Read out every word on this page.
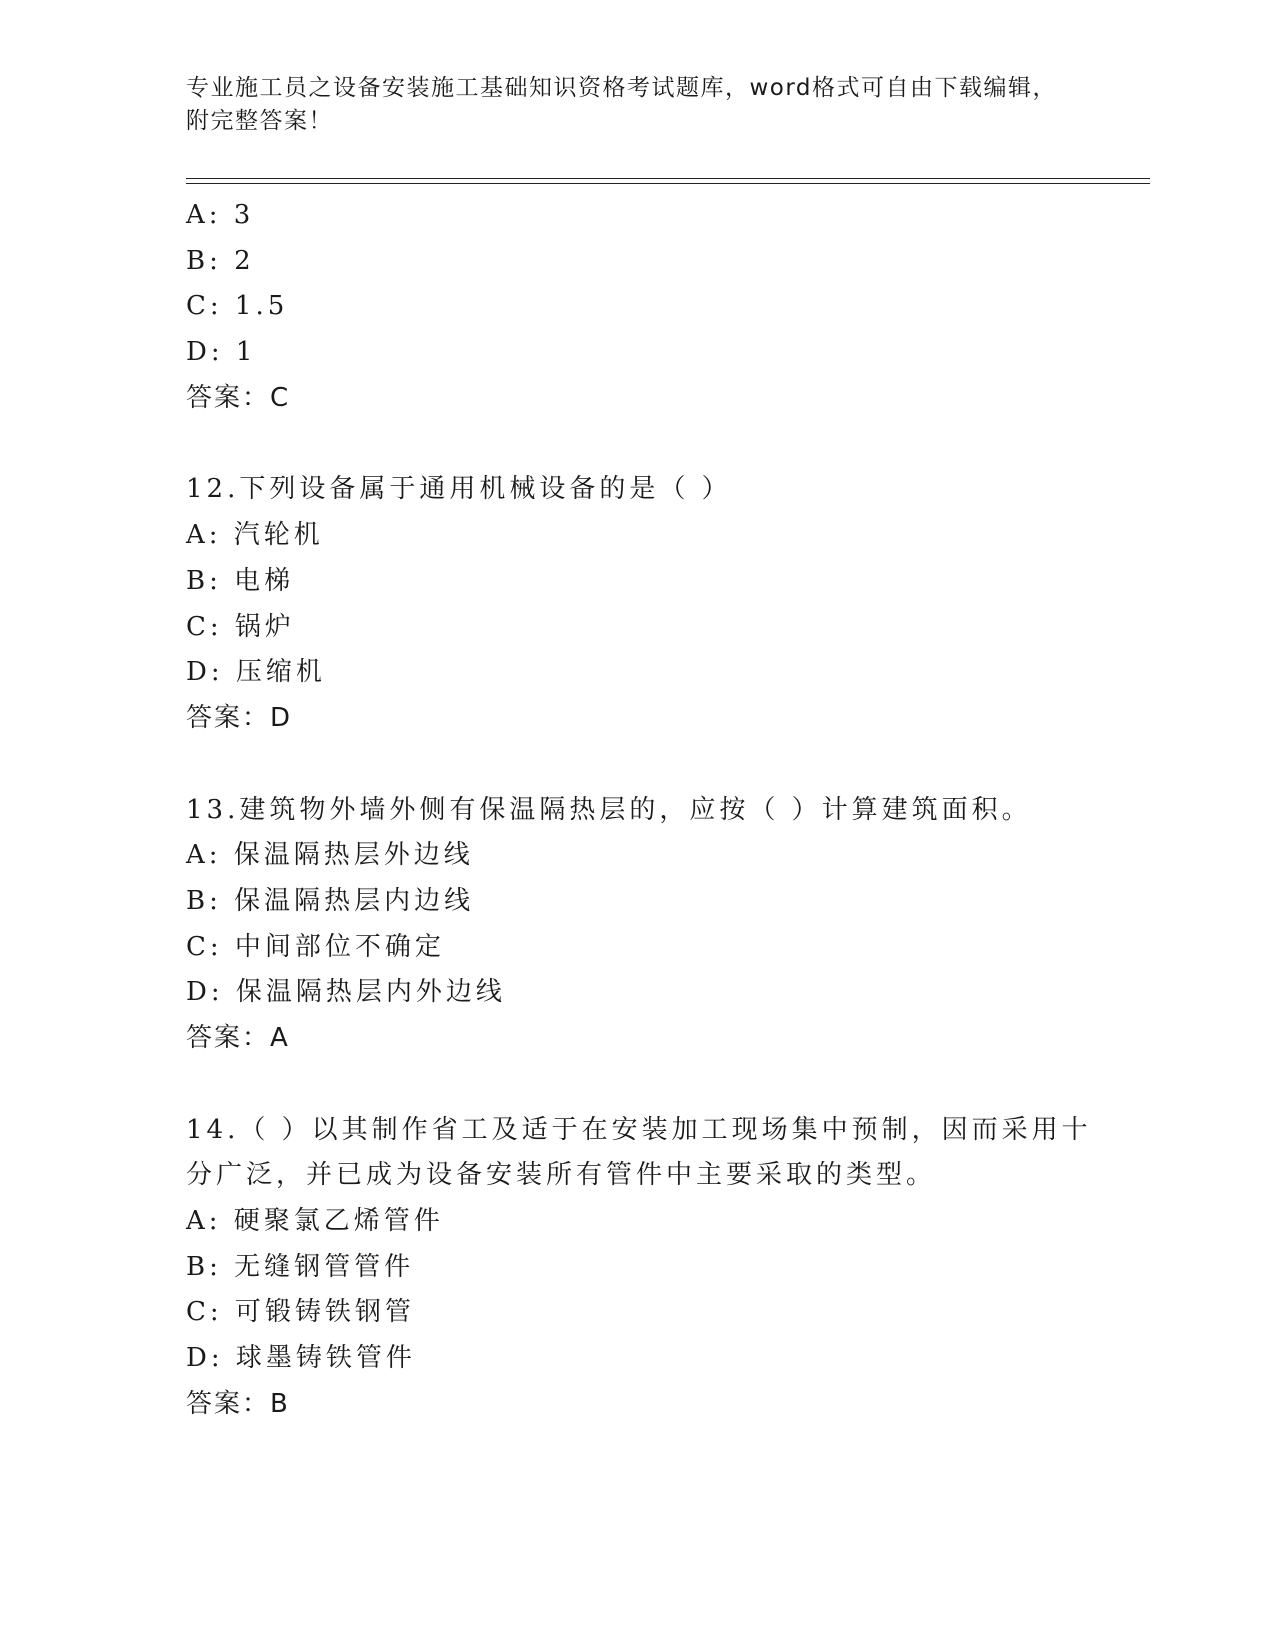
专业施工员之设备安装施工基础知识资格考试题库，word格式可自由下载编辑，
附完整答案！
A: 3
B: 2
C: 1.5
D: 1
答案：C
12.下列设备属于通用机械设备的是（ ）
A: 汽轮机
B: 电梯
C: 锅炉
D: 压缩机
答案：D
13.建筑物外墙外侧有保温隔热层的，应按（ ）计算建筑面积。
A: 保温隔热层外边线
B: 保温隔热层内边线
C: 中间部位不确定
D: 保温隔热层内外边线
答案：A
14.（ ）以其制作省工及适于在安装加工现场集中预制，因而采用十
分广泛，并已成为设备安装所有管件中主要采取的类型。
A: 硬聚氯乙烯管件
B: 无缝钢管管件
C: 可锻铸铁钢管
D: 球墨铸铁管件
答案：B
